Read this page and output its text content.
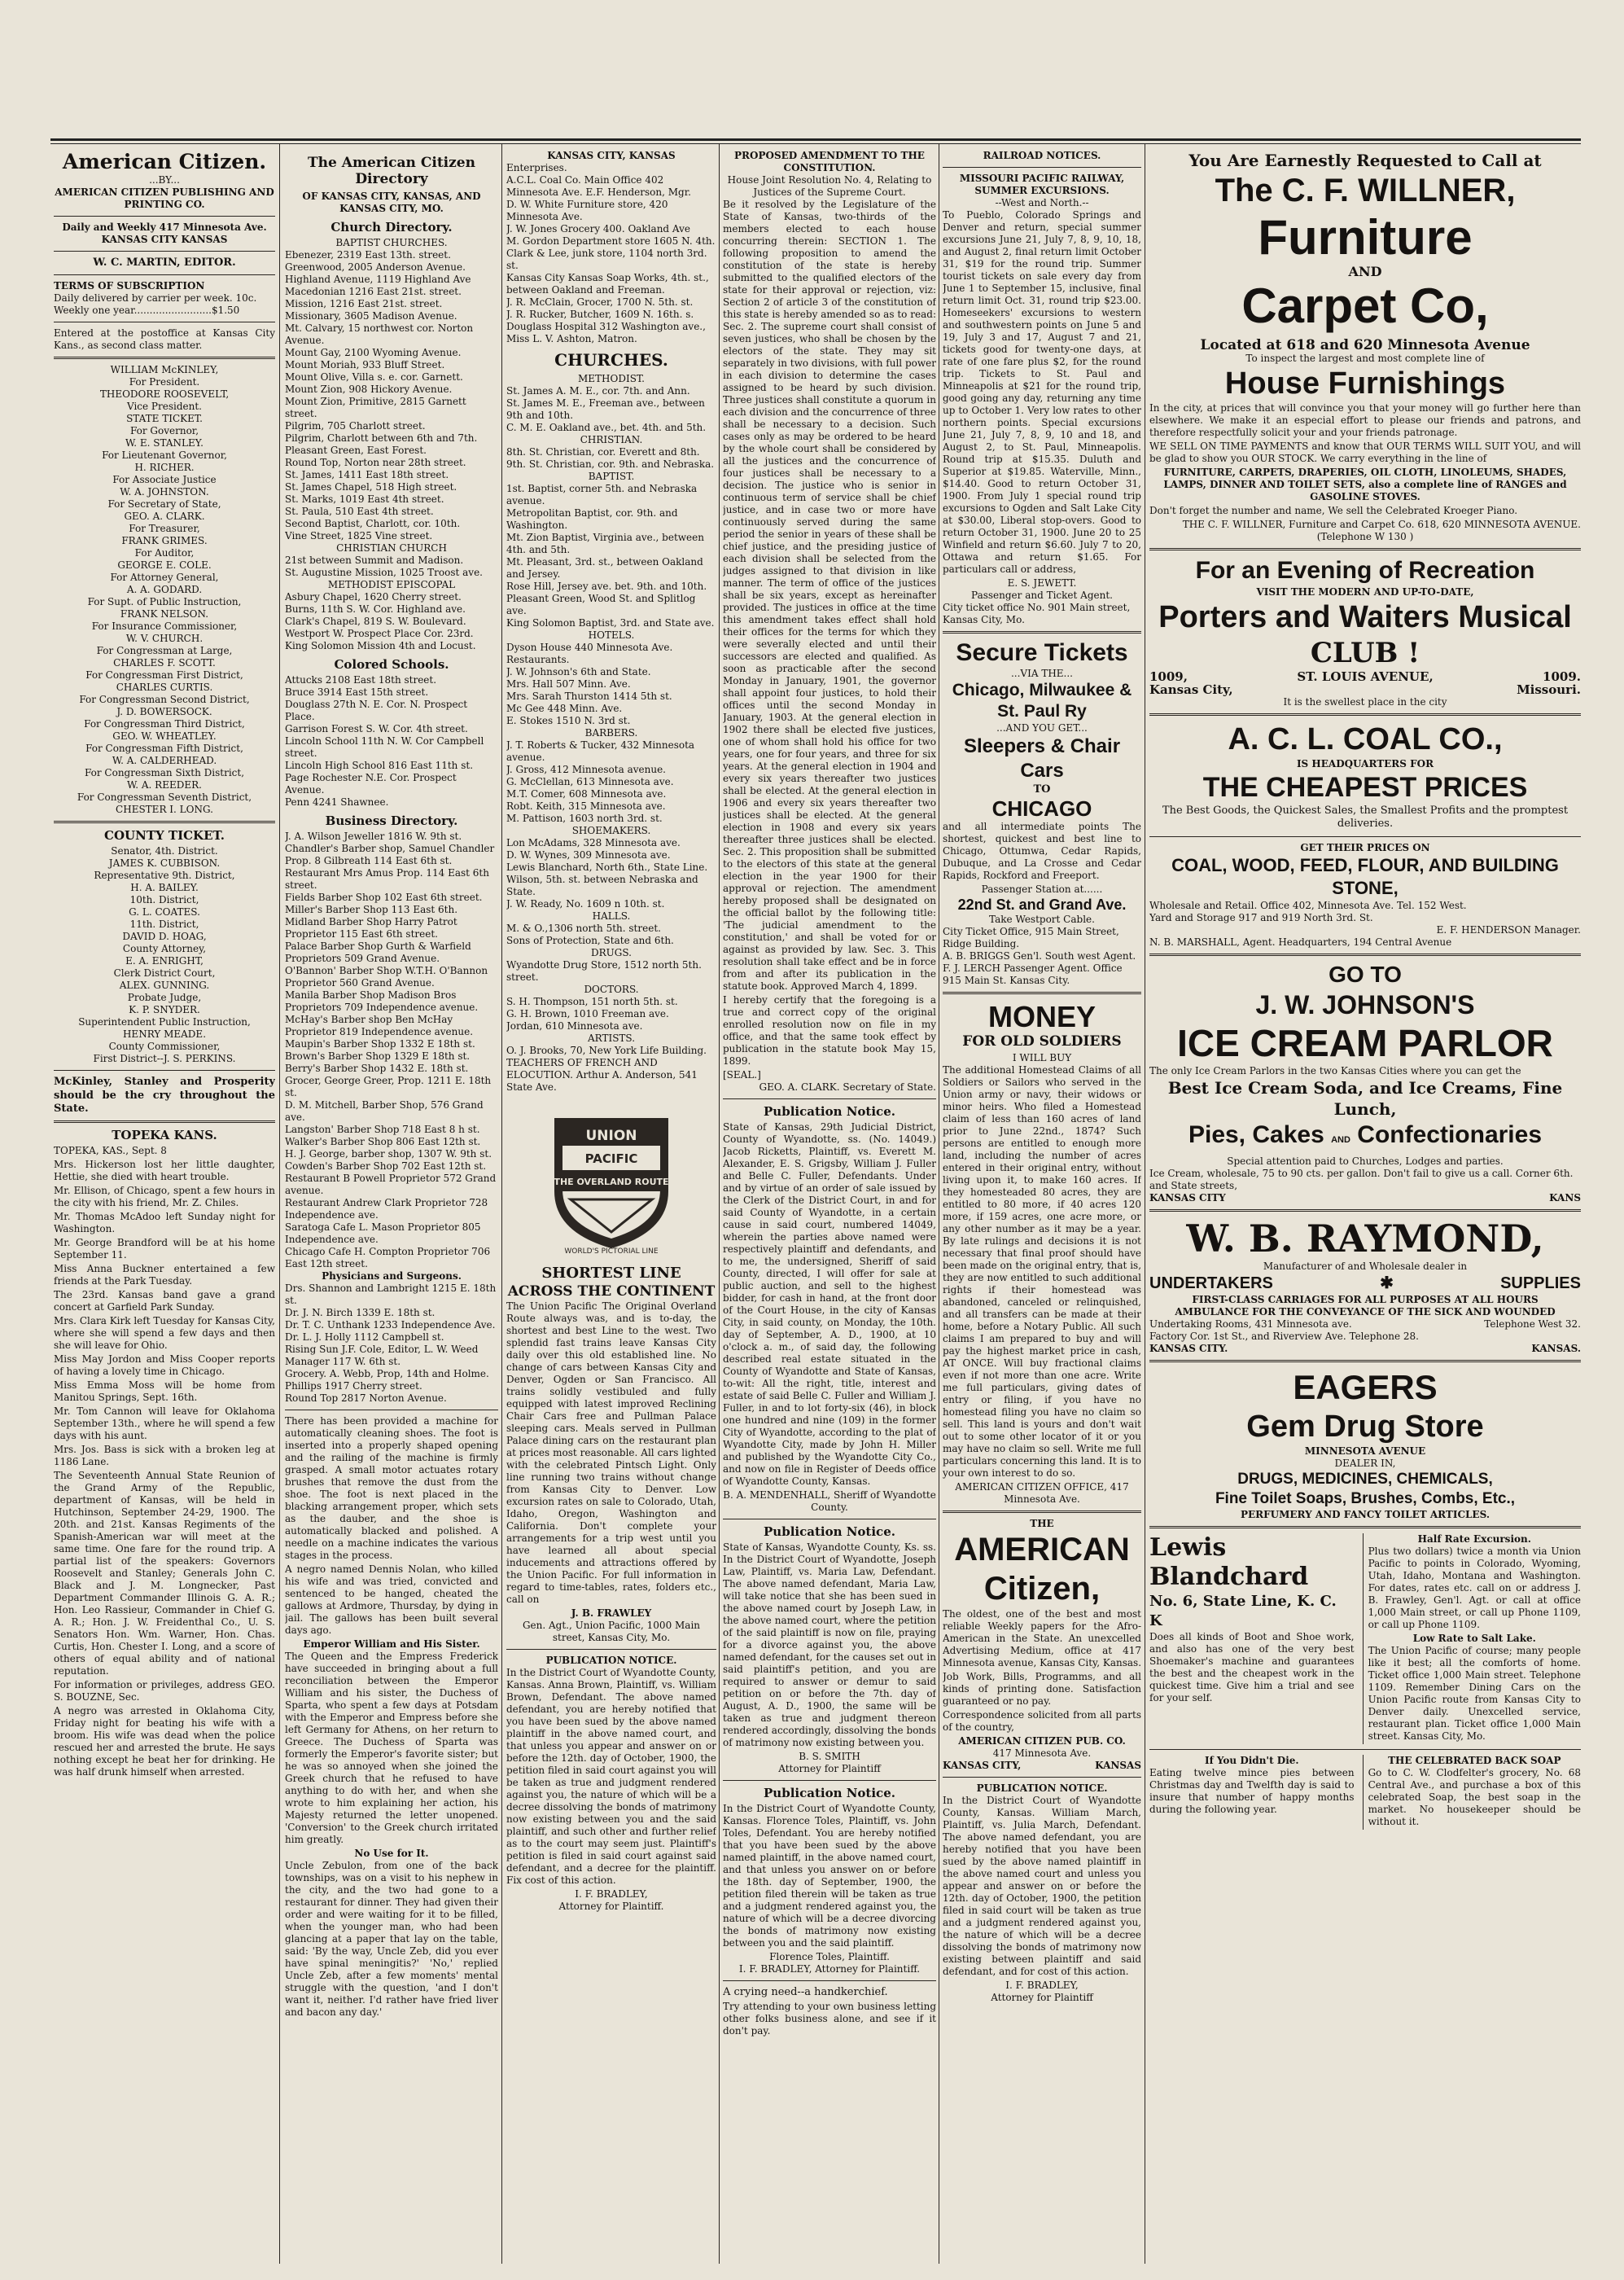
American Citizen.
...BY...
AMERICAN CITIZEN PUBLISHING AND PRINTING CO.
Daily and Weekly 417 Minnesota Ave. KANSAS CITY KANSAS
W. C. MARTIN, EDITOR.
TERMS OF SUBSCRIPTION
Daily delivered by carrier per week. 10c.
Weekly one year.........................$1.50

Entered at the postoffice at Kansas City Kans., as second class matter.

WILLIAM McKINLEY,
For President.
THEODORE ROOSEVELT,
Vice President.
STATE TICKET.
For Governor,
W. E. STANLEY.
For Lieutenant Governor,
H. RICHER.
For Associate Justice
W. A. JOHNSTON.
For Secretary of State,
GEO. A. CLARK.
For Treasurer,
FRANK GRIMES.
For Auditor,
GEORGE E. COLE.
For Attorney General,
A. A. GODARD.
For Supt. of Public Instruction,
FRANK NELSON.
For Insurance Commissioner,
W. V. CHURCH.
For Congressman at Large,
CHARLES F. SCOTT.
For Congressman First District,
CHARLES CURTIS.
For Congressman Second District,
J. D. BOWERSOCK.
For Congressman Third District,
GEO. W. WHEATLEY.
For Congressman Fifth District,
W. A. CALDERHEAD.
For Congressman Sixth District,
W. A. REEDER.
For Congressman Seventh District,
CHESTER I. LONG.
COUNTY TICKET.
Senator, 4th. District.
JAMES K. CUBBISON.
Representative 9th. District,
H. A. BAILEY.
10th. District,
G. L. COATES.
11th. District,
DAVID D. HOAG,
County Attorney,
E. A. ENRIGHT,
Clerk District Court,
ALEX. GUNNING.
Probate Judge,
K. P. SNYDER.
Superintendent Public Instruction,
HENRY MEADE.
County Commissioner,
First District--J. S. PERKINS.

McKinley, Stanley and Prosperity should be the cry throughout the State.

TOPEKA KANS.

TOPEKA, KAS., Sept. 8

Mrs. Hickerson lost her little daughter, Hettie, she died with heart trouble.

Mr. Ellison, of Chicago, spent a few hours in the city with his friend, Mr. Z. Chiles.

Mr. Thomas McAdoo left Sunday night for Washington.

Mr. George Brandford will be at his home September 11.

Miss Anna Buckner entertained a few friends at the Park Tuesday.

The 23rd. Kansas band gave a grand concert at Garfield Park Sunday.

Mrs. Clara Kirk left Tuesday for Kansas City, where she will spend a few days and then she will leave for Ohio.

Miss May Jordon and Miss Cooper reports of having a lovely time in Chicago.

Miss Emma Moss will be home from Manitou Springs, Sept. 16th.

Mr. Tom Cannon will leave for Oklahoma September 13th., where he will spend a few days with his aunt.

Mrs. Jos. Bass is sick with a broken leg at 1186 Lane.

The Seventeenth Annual State Reunion of the Grand Army of the Republic, department of Kansas, will be held in Hutchinson, September 24-29, 1900. The 20th. and 21st. Kansas Regiments of the Spanish-American war will meet at the same time. One fare for the round trip. A partial list of the speakers: Governors Roosevelt and Stanley; Generals John C. Black and J. M. Longnecker, Past Department Commander Illinois G. A. R.; Hon. Leo Rassieur, Commander in Chief G. A. R.; Hon. J. W. Freidenthal Co., U. S. Senators Hon. Wm. Warner, Hon. Chas. Curtis, Hon. Chester I. Long, and a score of others of equal ability and of national reputation.

For information or privileges, address GEO. S. BOUZNE, Sec.

A negro was arrested in Oklahoma City, Friday night for beating his wife with a broom. His wife was dead when the police rescued her and arrested the brute. He says nothing except he beat her for drinking. He was half drunk himself when arrested.

The American Citizen Directory
OF KANSAS CITY, KANSAS, AND KANSAS CITY, MO.
Church Directory.
BAPTIST CHURCHES.
Ebenezer, 2319 East 13th. street.
Greenwood, 2005 Anderson Avenue.
Highland Avenue, 1119 Highland Ave
Macedonian 1216 East 21st. street.
Mission, 1216 East 21st. street. Missionary, 3605 Madison Avenue.
Mt. Calvary, 15 northwest cor. Norton Avenue.
Mount Gay, 2100 Wyoming Avenue.
Mount Moriah, 933 Bluff Street.
Mount Olive, Villa s. e. cor. Garnett.
Mount Zion, 908 Hickory Avenue.
Mount Zion, Primitive, 2815 Garnett street.
Pilgrim, 705 Charlott street.
Pilgrim, Charlott between 6th and 7th.
Pleasant Green, East Forest.
Round Top, Norton near 28th street.
St. James, 1411 East 18th street.
St. James Chapel, 518 High street.
St. Marks, 1019 East 4th street.
St. Paula, 510 East 4th street.
Second Baptist, Charlott, cor. 10th.
Vine Street, 1825 Vine street.
CHRISTIAN CHURCH
21st between Summit and Madison.
St. Augustine Mission, 1025 Troost ave.
METHODIST EPISCOPAL
Asbury Chapel, 1620 Cherry street.
Burns, 11th S. W. Cor. Highland ave.
Clark's Chapel, 819 S. W. Boulevard.
Westport W. Prospect Place Cor. 23rd.
King Solomon Mission 4th and Locust.
Colored Schools.
Attucks 2108 East 18th street.
Bruce 3914 East 15th street.
Douglass 27th N. E. Cor. N. Prospect Place.
Garrison Forest S. W. Cor. 4th street.
Lincoln School 11th N. W. Cor Campbell street.
Lincoln High School 816 East 11th st.
Page Rochester N.E. Cor. Prospect Avenue.
Penn 4241 Shawnee.
Business Directory.
J. A. Wilson Jeweller 1816 W. 9th st.
Chandler's Barber shop, Samuel Chandler Prop. 8 Gilbreath 114 East 6th st.
Restaurant Mrs Amus Prop. 114 East 6th street.
Fields Barber Shop 102 East 6th street.
Miller's Barber Shop 113 East 6th.
Midland Barber Shop Harry Patrot Proprietor 115 East 6th street.
Palace Barber Shop Gurth & Warfield Proprietors 509 Grand Avenue.
O'Bannon' Barber Shop W.T.H. O'Bannon Proprietor 560 Grand Avenue.
Manila Barber Shop Madison Bros Proprietors 709 Independence avenue.
McHay's Barber shop Ben McHay Proprietor 819 Independence avenue.
Maupin's Barber Shop 1332 E 18th st.
Brown's Barber Shop 1329 E 18th st.
Berry's Barber Shop 1432 E. 18th st.
Grocer, George Greer, Prop. 1211 E. 18th st.
D. M. Mitchell, Barber Shop, 576 Grand ave.
Langston' Barber Shop 718 East 8 h st.
Walker's Barber Shop 806 East 12th st.
H. J. George, barber shop, 1307 W. 9th st.
Cowden's Barber Shop 702 East 12th st.
Restaurant B Powell Proprietor 572 Grand avenue.
Restaurant Andrew Clark Proprietor 728 Independence ave.
Saratoga Cafe L. Mason Proprietor 805 Independence ave.
Chicago Cafe H. Compton Proprietor 706 East 12th street.
Physicians and Surgeons.
Drs. Shannon and Lambright 1215 E. 18th st.
Dr. J. N. Birch 1339 E. 18th st.
Dr. T. C. Unthank 1233 Independence Ave.
Dr. L. J. Holly 1112 Campbell st.
Rising Sun J.F. Cole, Editor, L. W. Weed Manager 117 W. 6th st.
Grocery. A. Webb, Prop, 14th and Holme.
Phillips 1917 Cherry street.
Round Top 2817 Norton Avenue.

There has been provided a machine for automatically cleaning shoes. The foot is inserted into a properly shaped opening and the railing of the machine is firmly grasped. A small motor actuates rotary brushes that remove the dust from the shoe. The foot is next placed in the blacking arrangement proper, which sets as the dauber, and the shoe is automatically blacked and polished. A needle on a machine indicates the various stages in the process.

A negro named Dennis Nolan, who killed his wife and was tried, convicted and sentenced to be hanged, cheated the gallows at Ardmore, Thursday, by dying in jail. The gallows has been built several days ago.

Emperor William and His Sister.

The Queen and the Empress Frederick have succeeded in bringing about a full reconciliation between the Emperor William and his sister, the Duchess of Sparta, who spent a few days at Potsdam with the Emperor and Empress before she left Germany for Athens, on her return to Greece. The Duchess of Sparta was formerly the Emperor's favorite sister; but he was so annoyed when she joined the Greek church that he refused to have anything to do with her, and when she wrote to him explaining her action, his Majesty returned the letter unopened. 'Conversion' to the Greek church irritated him greatly.

No Use for It.

Uncle Zebulon, from one of the back townships, was on a visit to his nephew in the city, and the two had gone to a restaurant for dinner. They had given their order and were waiting for it to be filled, when the younger man, who had been glancing at a paper that lay on the table, said: 'By the way, Uncle Zeb, did you ever have spinal meningitis?' 'No,' replied Uncle Zeb, after a few moments' mental struggle with the question, 'and I don't want it, neither. I'd rather have fried liver and bacon any day.'

KANSAS CITY, KANSAS
Enterprises.
A.C.L. Coal Co. Main Office 402 Minnesota Ave. E.F. Henderson, Mgr.
D. W. White Furniture store, 420 Minnesota Ave.
J. W. Jones Grocery 400. Oakland Ave
M. Gordon Department store 1605 N. 4th.
Clark & Lee, junk store, 1104 north 3rd. st.
Kansas City Kansas Soap Works, 4th. st., between Oakland and Freeman.
J. R. McClain, Grocer, 1700 N. 5th. st.
J. R. Rucker, Butcher, 1609 N. 16th. s.
Douglass Hospital 312 Washington ave., Miss L. V. Ashton, Matron.
CHURCHES.
METHODIST.
St. James A. M. E., cor. 7th. and Ann.
St. James M. E., Freeman ave., between 9th and 10th.
C. M. E. Oakland ave., bet. 4th. and 5th.
CHRISTIAN.
8th. St. Christian, cor. Everett and 8th.
9th. St. Christian, cor. 9th. and Nebraska.
BAPTIST.
1st. Baptist, corner 5th. and Nebraska avenue.
Metropolitan Baptist, cor. 9th. and Washington.
Mt. Zion Baptist, Virginia ave., between 4th. and 5th.
Mt. Pleasant, 3rd. st., between Oakland and Jersey.
Rose Hill, Jersey ave. bet. 9th. and 10th.
Pleasant Green, Wood St. and Splitlog ave.
King Solomon Baptist, 3rd. and State ave.
HOTELS.
Dyson House 440 Minnesota Ave.
Restaurants.
J. W. Johnson's 6th and State.
Mrs. Hall 507 Minn. Ave.
Mrs. Sarah Thurston 1414 5th st.
Mc Gee 448 Minn. Ave.
E. Stokes 1510 N. 3rd st.
BARBERS.
J. T. Roberts & Tucker, 432 Minnesota avenue.
J. Gross, 412 Minnesota avenue.
G. McClellan, 613 Minnesota ave.
M.T. Comer, 608 Minnesota ave.
Robt. Keith, 315 Minnesota ave.
M. Pattison, 1603 north 3rd. st.
SHOEMAKERS.
Lon McAdams, 328 Minnesota ave.
D. W. Wynes, 309 Minnesota ave.
Lewis Blanchard, North 6th., State Line.
Wilson, 5th. st. between Nebraska and State.
J. W. Ready, No. 1609 n 10th. st.
HALLS.
M. & O.,1306 north 5th. street.
Sons of Protection, State and 6th.
DRUGS.
Wyandotte Drug Store, 1512 north 5th. street.
DOCTORS.
S. H. Thompson, 151 north 5th. st.
G. H. Brown, 1010 Freeman ave.
Jordan, 610 Minnesota ave.
ARTISTS.
O. J. Brooks, 70, New York Life Building.
TEACHERS OF FRENCH AND ELOCUTION. Arthur A. Anderson, 541 State Ave.
UNION
PACIFIC
THE OVERLAND ROUTE
WORLD'S PICTORIAL LINE
SHORTEST LINE
ACROSS THE CONTINENT

The Union Pacific The Original Overland Route always was, and is to-day, the shortest and best Line to the west. Two splendid fast trains leave Kansas City daily over this old established line. No change of cars between Kansas City and Denver, Ogden or San Francisco. All trains solidly vestibuled and fully equipped with latest improved Reclining Chair Cars free and Pullman Palace sleeping cars. Meals served in Pullman Palace dining cars on the restaurant plan at prices most reasonable. All cars lighted with the celebrated Pintsch Light. Only line running two trains without change from Kansas City to Denver. Low excursion rates on sale to Colorado, Utah, Idaho, Oregon, Washington and California. Don't complete your arrangements for a trip west until you have learned all about special inducements and attractions offered by the Union Pacific. For full information in regard to time-tables, rates, folders etc., call on

J. B. FRAWLEY
Gen. Agt., Union Pacific, 1000 Main street, Kansas City, Mo.
PUBLICATION NOTICE.

In the District Court of Wyandotte County, Kansas. Anna Brown, Plaintiff, vs. William Brown, Defendant. The above named defendant, you are hereby notified that you have been sued by the above named plaintiff in the above named court, and that unless you appear and answer on or before the 12th. day of October, 1900, the petition filed in said court against you will be taken as true and judgment rendered against you, the nature of which will be a decree dissolving the bonds of matrimony now existing between you and the said plaintiff, and such other and further relief as to the court may seem just. Plaintiff's petition is filed in said court against said defendant, and a decree for the plaintiff. Fix cost of this action.

I. F. BRADLEY,
Attorney for Plaintiff.
PROPOSED AMENDMENT TO THE CONSTITUTION.
House Joint Resolution No. 4, Relating to Justices of the Supreme Court.

Be it resolved by the Legislature of the State of Kansas, two-thirds of the members elected to each house concurring therein: SECTION 1. The following proposition to amend the constitution of the state is hereby submitted to the qualified electors of the state for their approval or rejection, viz: Section 2 of article 3 of the constitution of this state is hereby amended so as to read: Sec. 2. The supreme court shall consist of seven justices, who shall be chosen by the electors of the state. They may sit separately in two divisions, with full power in each division to determine the cases assigned to be heard by such division. Three justices shall constitute a quorum in each division and the concurrence of three shall be necessary to a decision. Such cases only as may be ordered to be heard by the whole court shall be considered by all the justices and the concurrence of four justices shall be necessary to a decision. The justice who is senior in continuous term of service shall be chief justice, and in case two or more have continuously served during the same period the senior in years of these shall be chief justice, and the presiding justice of each division shall be selected from the judges assigned to that division in like manner. The term of office of the justices shall be six years, except as hereinafter provided. The justices in office at the time this amendment takes effect shall hold their offices for the terms for which they were severally elected and until their successors are elected and qualified. As soon as practicable after the second Monday in January, 1901, the governor shall appoint four justices, to hold their offices until the second Monday in January, 1903. At the general election in 1902 there shall be elected five justices, one of whom shall hold his office for two years, one for four years, and three for six years. At the general election in 1904 and every six years thereafter two justices shall be elected. At the general election in 1906 and every six years thereafter two justices shall be elected. At the general election in 1908 and every six years thereafter three justices shall be elected. Sec. 2. This proposition shall be submitted to the electors of this state at the general election in the year 1900 for their approval or rejection. The amendment hereby proposed shall be designated on the official ballot by the following title: 'The judicial amendment to the constitution,' and shall be voted for or against as provided by law. Sec. 3. This resolution shall take effect and be in force from and after its publication in the statute book. Approved March 4, 1899.

I hereby certify that the foregoing is a true and correct copy of the original enrolled resolution now on file in my office, and that the same took effect by publication in the statute book May 15, 1899.

[SEAL.]
GEO. A. CLARK. Secretary of State.
Publication Notice.

State of Kansas, 29th Judicial District, County of Wyandotte, ss. (No. 14049.) Jacob Ricketts, Plaintiff, vs. Everett M. Alexander, E. S. Grigsby, William J. Fuller and Belle C. Fuller, Defendants. Under and by virtue of an order of sale issued by the Clerk of the District Court, in and for said County of Wyandotte, in a certain cause in said court, numbered 14049, wherein the parties above named were respectively plaintiff and defendants, and to me, the undersigned, Sheriff of said County, directed, I will offer for sale at public auction, and sell to the highest bidder, for cash in hand, at the front door of the Court House, in the city of Kansas City, in said county, on Monday, the 10th. day of September, A. D., 1900, at 10 o'clock a. m., of said day, the following described real estate situated in the County of Wyandotte and State of Kansas, to-wit: All the right, title, interest and estate of said Belle C. Fuller and William J. Fuller, in and to lot forty-six (46), in block one hundred and nine (109) in the former City of Wyandotte, according to the plat of Wyandotte City, made by John H. Miller and published by the Wyandotte City Co., and now on file in Register of Deeds office of Wyandotte County, Kansas.

B. A. MENDENHALL, Sheriff of Wyandotte County.
Publication Notice.

State of Kansas, Wyandotte County, Ks. ss. In the District Court of Wyandotte, Joseph Law, Plaintiff, vs. Maria Law, Defendant. The above named defendant, Maria Law, will take notice that she has been sued in the above named court by Joseph Law, in the above named court, where the petition of the said plaintiff is now on file, praying for a divorce against you, the above named defendant, for the causes set out in said plaintiff's petition, and you are required to answer or demur to said petition on or before the 7th. day of August, A. D., 1900, the same will be taken as true and judgment thereon rendered accordingly, dissolving the bonds of matrimony now existing between you.

B. S. SMITH
Attorney for Plaintiff
Publication Notice.

In the District Court of Wyandotte County, Kansas. Florence Toles, Plaintiff, vs. John Toles, Defendant. You are hereby notified that you have been sued by the above named plaintiff, in the above named court, and that unless you answer on or before the 18th. day of September, 1900, the petition filed therein will be taken as true and a judgment rendered against you, the nature of which will be a decree divorcing the bonds of matrimony now existing between you and the said plaintiff.

Florence Toles, Plaintiff.
I. F. BRADLEY, Attorney for Plaintiff.

A crying need--a handkerchief.

Try attending to your own business letting other folks business alone, and see if it don't pay.

RAILROAD NOTICES.
MISSOURI PACIFIC RAILWAY, SUMMER EXCURSIONS.
--West and North.--

To Pueblo, Colorado Springs and Denver and return, special summer excursions June 21, July 7, 8, 9, 10, 18, and August 2, final return limit October 31, $19 for the round trip. Summer tourist tickets on sale every day from June 1 to September 15, inclusive, final return limit Oct. 31, round trip $23.00. Homeseekers' excursions to western and southwestern points on June 5 and 19, July 3 and 17, August 7 and 21, tickets good for twenty-one days, at rate of one fare plus $2, for the round trip. Tickets to St. Paul and Minneapolis at $21 for the round trip, good going any day, returning any time up to October 1. Very low rates to other northern points. Special excursions June 21, July 7, 8, 9, 10 and 18, and August 2, to St. Paul, Minneapolis. Round trip at $15.35. Duluth and Superior at $19.85. Waterville, Minn., $14.40. Good to return October 31, 1900. From July 1 special round trip excursions to Ogden and Salt Lake City at $30.00, Liberal stop-overs. Good to return October 31, 1900. June 20 to 25 Winfield and return $6.60. July 7 to 20, Ottawa and return $1.65. For particulars call or address,

E. S. JEWETT.
Passenger and Ticket Agent.
City ticket office No. 901 Main street, Kansas City, Mo.
Secure Tickets
...VIA THE...
Chicago, Milwaukee & St. Paul Ry
...AND YOU GET...
Sleepers & Chair Cars
TO
CHICAGO

and all intermediate points The shortest, quickest and best line to Chicago, Ottumwa, Cedar Rapids, Dubuque, and La Crosse and Cedar Rapids, Rockford and Freeport.

Passenger Station at......
22nd St. and Grand Ave.
Take Westport Cable.
City Ticket Office, 915 Main Street, Ridge Building.
A. B. BRIGGS Gen'l. South west Agent.
F. J. LERCH Passenger Agent. Office 915 Main St. Kansas City.
MONEY
FOR OLD SOLDIERS
I WILL BUY

The additional Homestead Claims of all Soldiers or Sailors who served in the Union army or navy, their widows or minor heirs. Who filed a Homestead claim of less than 160 acres of land prior to June 22nd., 1874? Such persons are entitled to enough more land, including the number of acres entered in their original entry, without living upon it, to make 160 acres. If they homesteaded 80 acres, they are entitled to 80 more, if 40 acres 120 more, if 159 acres, one acre more, or any other number as it may be a year. By late rulings and decisions it is not necessary that final proof should have been made on the original entry, that is, they are now entitled to such additional rights if their homestead was abandoned, canceled or relinquished, and all transfers can be made at their home, before a Notary Public. All such claims I am prepared to buy and will pay the highest market price in cash, AT ONCE. Will buy fractional claims even if not more than one acre. Write me full particulars, giving dates of entry or filing, if you have no homestead filing you have no claim so sell. This land is yours and don't wait out to some other locator of it or you may have no claim so sell. Write me full particulars concerning this land. It is to your own interest to do so.

AMERICAN CITIZEN OFFICE, 417 Minnesota Ave.
THE
AMERICAN
Citizen,

The oldest, one of the best and most reliable Weekly papers for the Afro-American in the State. An unexcelled Advertising Medium, office at 417 Minnesota avenue, Kansas City, Kansas.

Job Work, Bills, Programms, and all kinds of printing done. Satisfaction guaranteed or no pay.

Correspondence solicited from all parts of the country,

AMERICAN CITIZEN PUB. CO.
417 Minnesota Ave.
KANSAS CITY,	KANSAS
PUBLICATION NOTICE.

In the District Court of Wyandotte County, Kansas. William March, Plaintiff, vs. Julia March, Defendant. The above named defendant, you are hereby notified that you have been sued by the above named plaintiff in the above named court and unless you appear and answer on or before the 12th. day of October, 1900, the petition filed in said court will be taken as true and a judgment rendered against you, the nature of which will be a decree dissolving the bonds of matrimony now existing between plaintiff and said defendant, and for cost of this action.

I. F. BRADLEY,
Attorney for Plaintiff
You Are Earnestly Requested to Call at
The C. F. WILLNER,
Furniture
AND
Carpet Co,
Located at 618 and 620 Minnesota Avenue
To inspect the largest and most complete line of
House Furnishings

In the city, at prices that will convince you that your money will go further here than elsewhere. We make it an especial effort to please our friends and patrons, and therefore respectfully solicit your and your friends patronage.

WE SELL ON TIME PAYMENTS and know that OUR TERMS WILL SUIT YOU, and will be glad to show you OUR STOCK. We carry everything in the line of

FURNITURE, CARPETS, DRAPERIES, OIL CLOTH, LINOLEUMS, SHADES, LAMPS, DINNER AND TOILET SETS, also a complete line of RANGES and GASOLINE STOVES.

Don't forget the number and name, We sell the Celebrated Kroeger Piano.

THE C. F. WILLNER, Furniture and Carpet Co. 618, 620 MINNESOTA AVENUE.
(Telephone W 130 )
For an Evening of Recreation
VISIT THE MODERN AND UP-TO-DATE,
Porters and Waiters Musical
CLUB !
1009,	ST. LOUIS AVENUE,	1009.
Kansas City,	Missouri.
It is the swellest place in the city
A. C. L. COAL CO.,
IS HEADQUARTERS FOR
THE CHEAPEST PRICES
The Best Goods, the Quickest Sales, the Smallest Profits and the promptest deliveries.
GET THEIR PRICES ON
COAL, WOOD, FEED, FLOUR, AND BUILDING STONE,
Wholesale and Retail. Office 402, Minnesota Ave. Tel. 152 West.
Yard and Storage 917 and 919 North 3rd. St.
E. F. HENDERSON Manager.
N. B. MARSHALL, Agent. Headquarters, 194 Central Avenue
GO TO
J. W. JOHNSON'S
ICE CREAM PARLOR
The only Ice Cream Parlors in the two Kansas Cities where you can get the
Best Ice Cream Soda, and Ice Creams, Fine Lunch,
Pies, Cakes AND Confectionaries
Special attention paid to Churches, Lodges and parties.
Ice Cream, wholesale, 75 to 90 cts. per gallon. Don't fail to give us a call. Corner 6th. and State streets,
KANSAS CITY	KANS
W. B. RAYMOND,
Manufacturer of and Wholesale dealer in
UNDERTAKERS	✱	SUPPLIES
FIRST-CLASS CARRIAGES FOR ALL PURPOSES AT ALL HOURS
AMBULANCE FOR THE CONVEYANCE OF THE SICK AND WOUNDED
Undertaking Rooms, 431 Minnesota ave.	Telephone West 32.
Factory Cor. 1st St., and Riverview Ave. Telephone 28.
KANSAS CITY.	KANSAS.
EAGERS
Gem Drug Store
MINNESOTA AVENUE
DEALER IN,
DRUGS, MEDICINES, CHEMICALS,
Fine Toilet Soaps, Brushes, Combs, Etc.,
PERFUMERY AND FANCY TOILET ARTICLES.
Lewis Blandchard
No. 6, State Line, K. C. K

Does all kinds of Boot and Shoe work, and also has one of the very best Shoemaker's machine and guarantees the best and the cheapest work in the quickest time. Give him a trial and see for your self.

Half Rate Excursion.

Plus two dollars) twice a month via Union Pacific to points in Colorado, Wyoming, Utah, Idaho, Montana and Washington. For dates, rates etc. call on or address J. B. Frawley, Gen'l. Agt. or call at office 1,000 Main street, or call up Phone 1109, or call up Phone 1109.

Low Rate to Salt Lake.

The Union Pacific of course; many people like it best; all the comforts of home. Ticket office 1,000 Main street. Telephone 1109. Remember Dining Cars on the Union Pacific route from Kansas City to Denver daily. Unexcelled service, restaurant plan. Ticket office 1,000 Main street. Kansas City, Mo.

If You Didn't Die.

Eating twelve mince pies between Christmas day and Twelfth day is said to insure that number of happy months during the following year.

THE CELEBRATED BACK SOAP

Go to C. W. Clodfelter's grocery, No. 68 Central Ave., and purchase a box of this celebrated Soap, the best soap in the market. No housekeeper should be without it.
